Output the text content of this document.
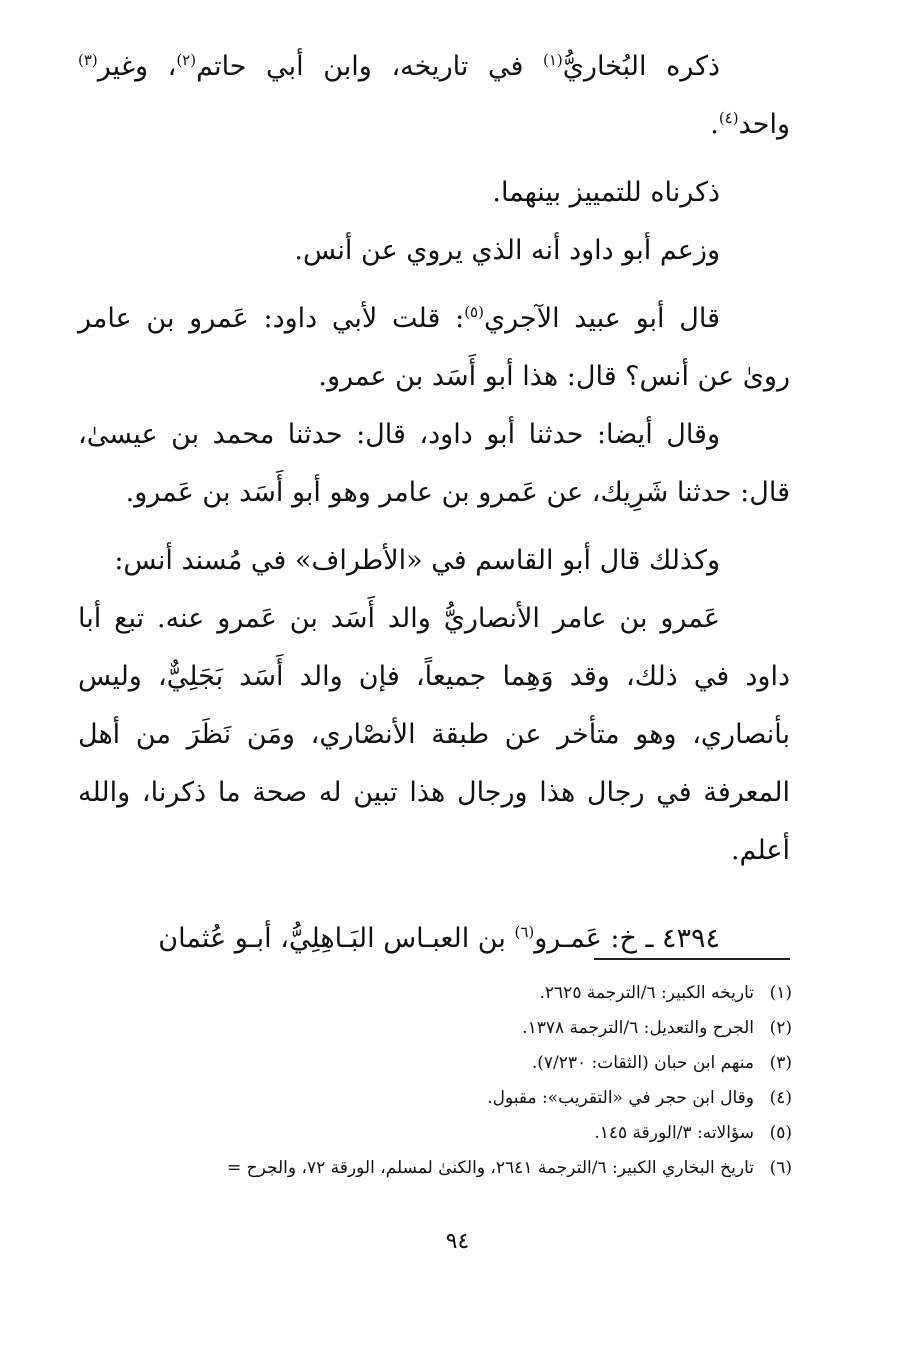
ذكره البُخاريُّ$^{(١)}$ في تاريخه، وابن أبي حاتم$^{(٢)}$، وغير$^{(٣)}$ واحد$^{(٤)}$.

ذكرناه للتمييز بينهما.

وزعم أبو داود أنه الذي يروي عن أنس.

قال أبو عبيد الآجري$^{(٥)}$: قلت لأبي داود: عَمرو بن عامر روىٰ عن أنس؟ قال: هذا أبو أَسَد بن عمرو.

وقال أيضا: حدثنا أبو داود، قال: حدثنا محمد بن عيسىٰ، قال: حدثنا شَرِيك، عن عَمرو بن عامر وهو أبو أَسَد بن عَمرو.

وكذلك قال أبو القاسم في «الأطراف» في مُسند أنس:

عَمرو بن عامر الأنصاريُّ والد أَسَد بن عَمرو عنه. تبع أبا داود في ذلك، وقد وَهِما جميعاً، فإن والد أَسَد بَجَلِيٌّ، وليس بأنصاري، وهو متأخر عن طبقة الأنصْاري، ومَن نَظَرَ من أهل المعرفة في رجال هذا ورجال هذا تبين له صحة ما ذكرنا، والله أعلم.

٤٣٩٤ ـ خ: عَمـرو$^{(٦)}$ بن العبـاس البَـاهِلِيُّ، أبـو عُثمان

(١)تاريخه الكبير: ٦/الترجمة ٢٦٢٥.

(٢)الجرح والتعديل: ٦/الترجمة ١٣٧٨.

(٣)منهم ابن حبان (الثقات: ٧/٢٣٠).

(٤)وقال ابن حجر في «التقريب»: مقبول.

(٥)سؤالاته: ٣/الورقة ١٤٥.

(٦)تاريخ البخاري الكبير: ٦/الترجمة ٢٦٤١، والكنىٰ لمسلم، الورقة ٧٢، والجرح =

٩٤
